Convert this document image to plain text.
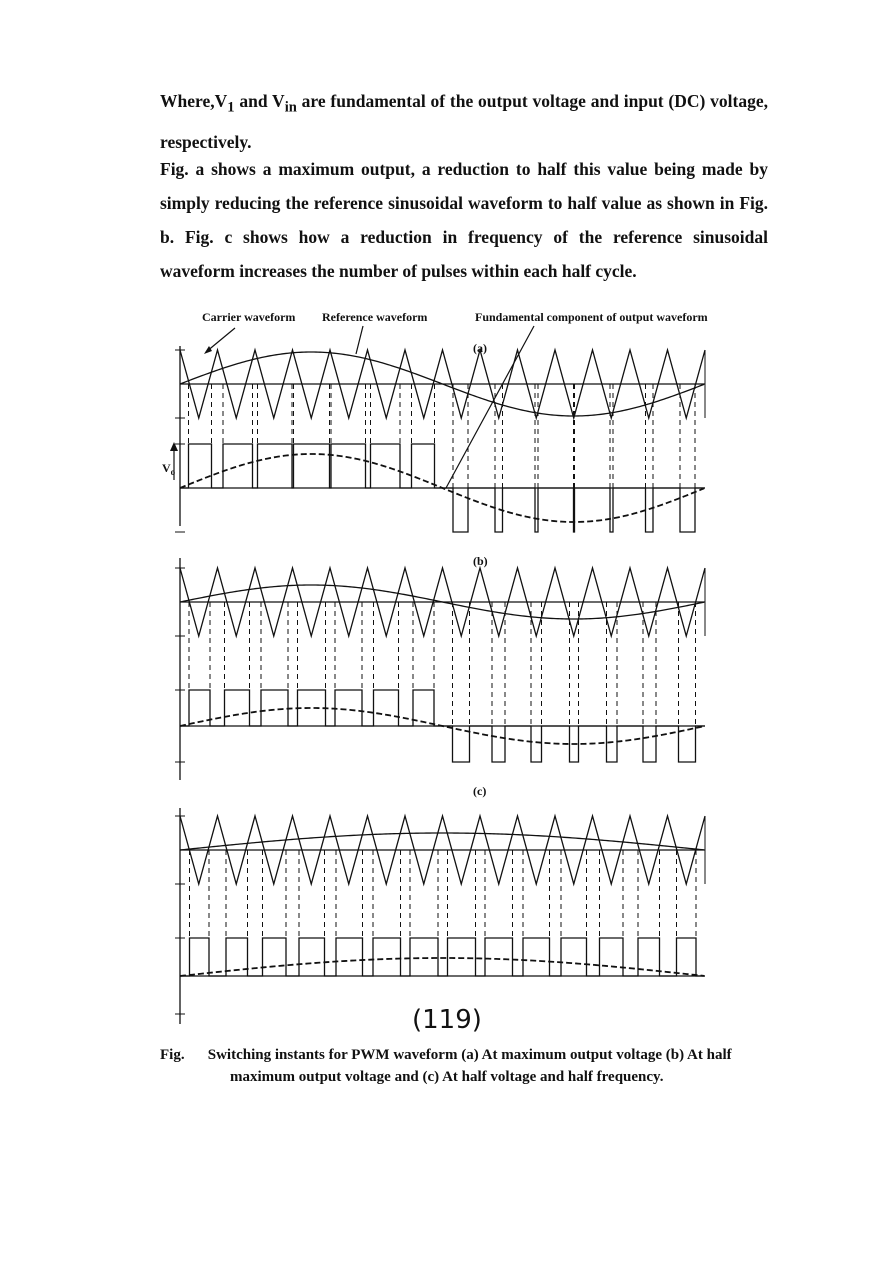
$Where,V_1$ and $V_{in}$ are fundamental of the output voltage and input (DC) voltage, respectively.
Fig. a shows a maximum output, a reduction to half this value being made by simply reducing the reference sinusoidal waveform to half value as shown in Fig. b. Fig. c shows how a reduction in frequency of the reference sinusoidal waveform increases the number of pulses within each half cycle.
Carrier waveform Reference waveform	Fundamental component of output waveform
(a)
(b)
(c)
$V_o$
(119)
Fig. Switching instants for PWM waveform (a) At maximum output voltage (b) At half
maximum output voltage and (c) At half voltage and half frequency.
